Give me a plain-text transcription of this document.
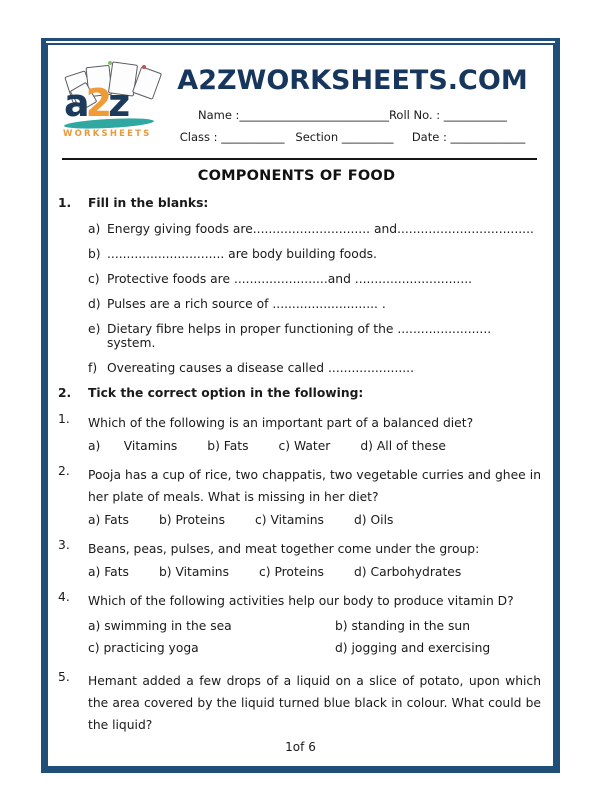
a2z
WORKSHEETS
A2ZWORKSHEETS.COM
Name : __________________________ Roll No. : ___________
Class : ___________ Section _________ Date : _____________
COMPONENTS OF FOOD
1.	Fill in the blanks:
a) Energy giving foods are.............................. and...................................
b) .............................. are body building foods.
c) Protective foods are ........................and ..............................
d) Pulses are a rich source of ........................... .
e) Dietary fibre helps in proper functioning of the ........................  system.
f) Overeating causes a disease called ......................
2.	Tick the correct option in the following:
1.	Which of the following is an important part of a balanced diet?
a)      Vitamins b) Fats c) Water d) All of these
2.	Pooja has a cup of rice, two chappatis, two vegetable curries and ghee in her plate of meals. What is missing in her diet?
a) Fats b) Proteins c) Vitamins d) Oils
3.	Beans, peas, pulses, and meat together come under the group:
a) Fats b) Vitamins c) Proteins d) Carbohydrates
4.	Which of the following activities help our body to produce vitamin D?
a) swimming in the sea	b) standing in the sun
c) practicing yoga	d) jogging and exercising
5.	Hemant added a few drops of a liquid on a slice of potato, upon which the area covered by the liquid turned blue black in colour. What could be the liquid?
1of 6
